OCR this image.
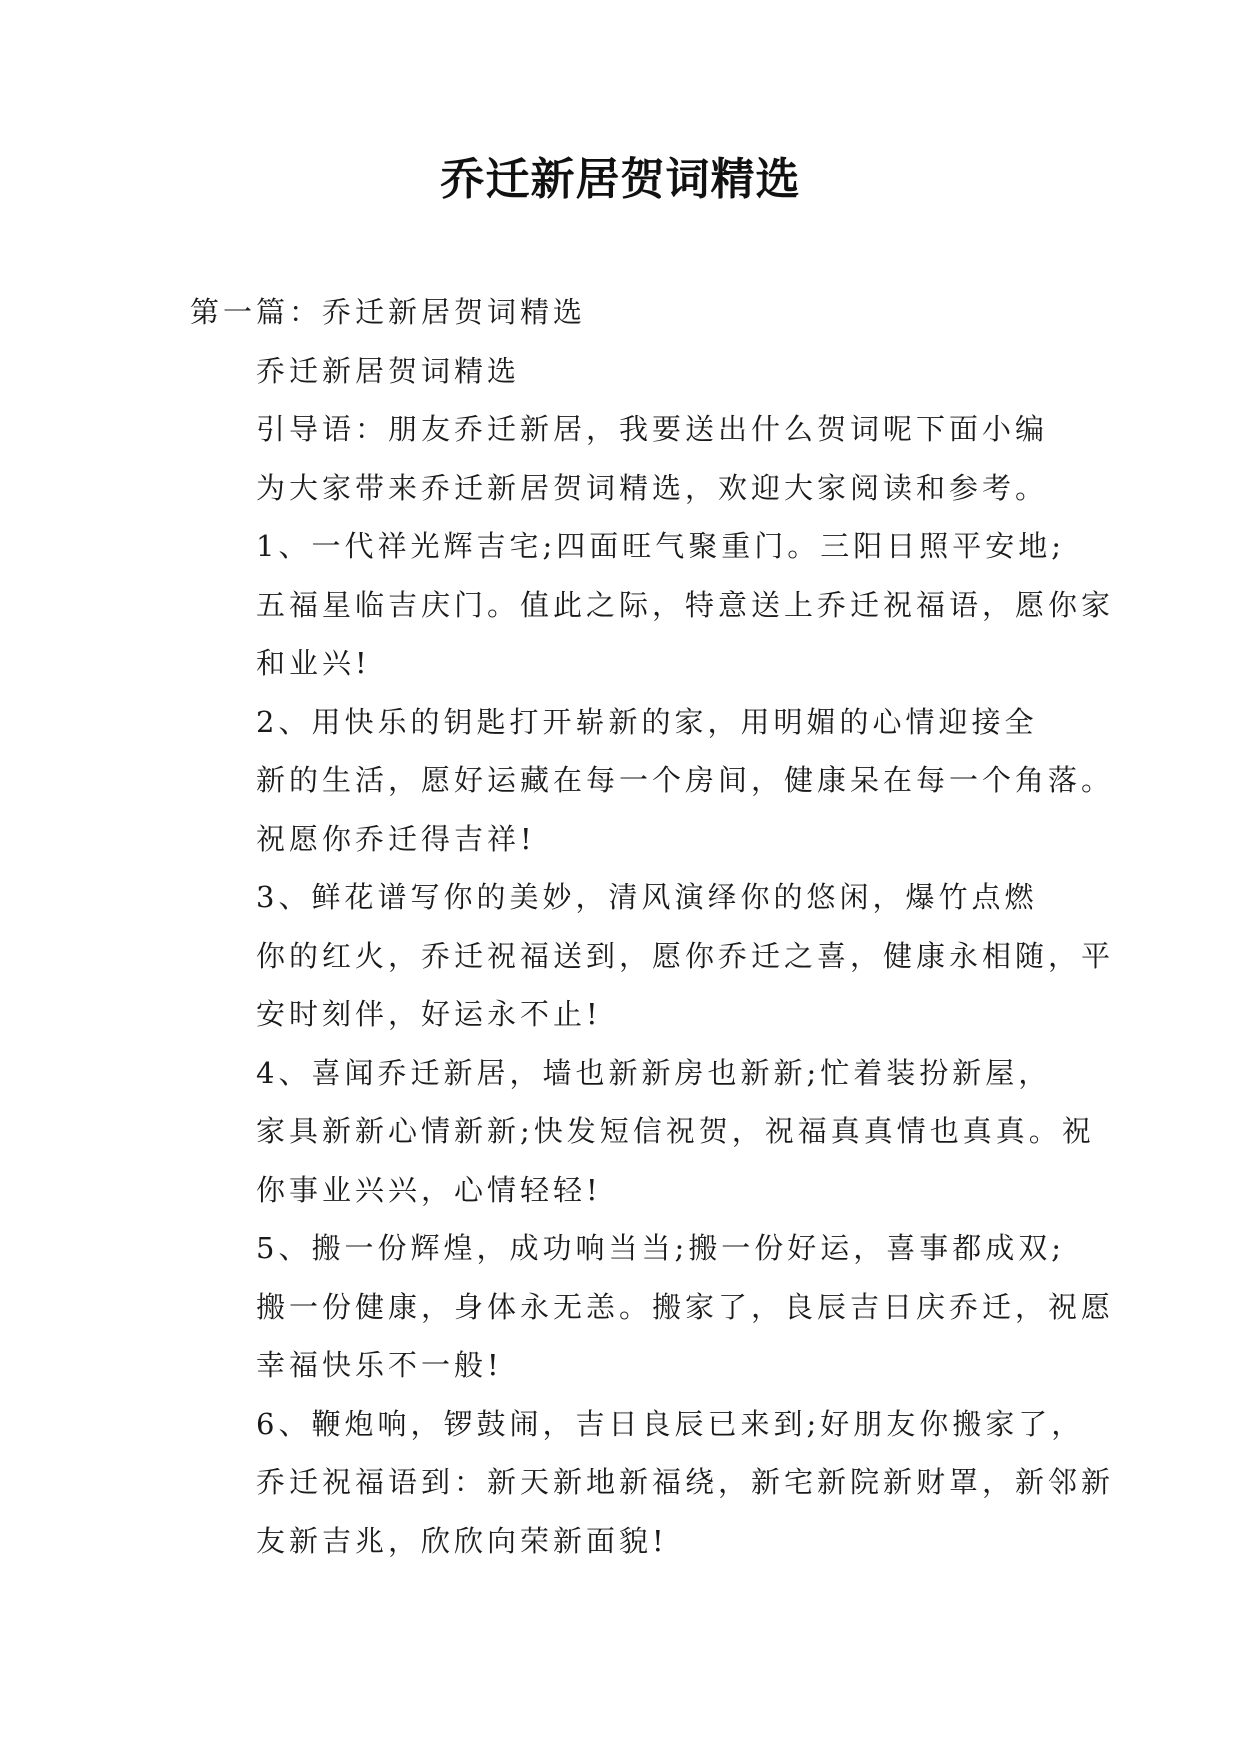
乔迁新居贺词精选

第一篇：乔迁新居贺词精选

乔迁新居贺词精选

引导语：朋友乔迁新居，我要送出什么贺词呢下面小编
为大家带来乔迁新居贺词精选，欢迎大家阅读和参考。

1、一代祥光辉吉宅;四面旺气聚重门。三阳日照平安地;
五福星临吉庆门。值此之际，特意送上乔迁祝福语，愿你家
和业兴!

2、用快乐的钥匙打开崭新的家，用明媚的心情迎接全
新的生活，愿好运藏在每一个房间，健康呆在每一个角落。
祝愿你乔迁得吉祥!

3、鲜花谱写你的美妙，清风演绎你的悠闲，爆竹点燃
你的红火，乔迁祝福送到，愿你乔迁之喜，健康永相随，平
安时刻伴，好运永不止!

4、喜闻乔迁新居，墙也新新房也新新;忙着装扮新屋，
家具新新心情新新;快发短信祝贺，祝福真真情也真真。祝
你事业兴兴，心情轻轻!

5、搬一份辉煌，成功响当当;搬一份好运，喜事都成双;
搬一份健康，身体永无恙。搬家了，良辰吉日庆乔迁，祝愿
幸福快乐不一般!

6、鞭炮响，锣鼓闹，吉日良辰已来到;好朋友你搬家了，
乔迁祝福语到：新天新地新福绕，新宅新院新财罩，新邻新
友新吉兆，欣欣向荣新面貌!
